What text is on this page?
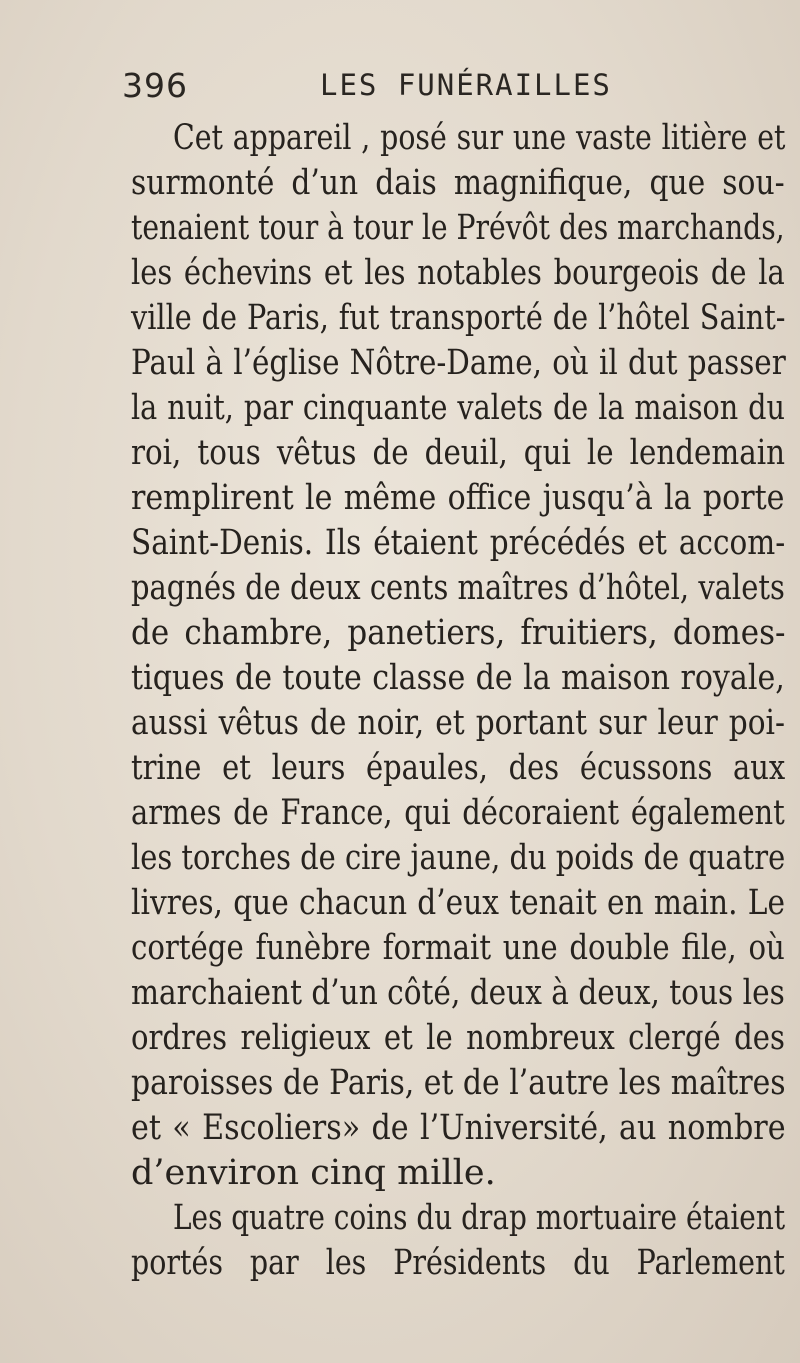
396	LES FUNÉRAILLES
Cet appareil , posé sur une vaste litière et
surmonté d’un dais magnifique, que sou-
tenaient tour à tour le Prévôt des marchands,
les échevins et les notables bourgeois de la
ville de Paris, fut transporté de l’hôtel Saint-
Paul à l’église Nôtre-Dame, où il dut passer
la nuit, par cinquante valets de la maison du
roi, tous vêtus de deuil, qui le lendemain
remplirent le même office jusqu’à la porte
Saint-Denis. Ils étaient précédés et accom-
pagnés de deux cents maîtres d’hôtel, valets
de chambre, panetiers, fruitiers, domes-
tiques de toute classe de la maison royale,
aussi vêtus de noir, et portant sur leur poi-
trine et leurs épaules, des écussons aux
armes de France, qui décoraient également
les torches de cire jaune, du poids de quatre
livres, que chacun d’eux tenait en main. Le
cortége funèbre formait une double file, où
marchaient d’un côté, deux à deux, tous les
ordres religieux et le nombreux clergé des
paroisses de Paris, et de l’autre les maîtres
et « Escoliers» de l’Université, au nombre
d’environ cinq mille.
Les quatre coins du drap mortuaire étaient
portés par les Présidents du Parlement
